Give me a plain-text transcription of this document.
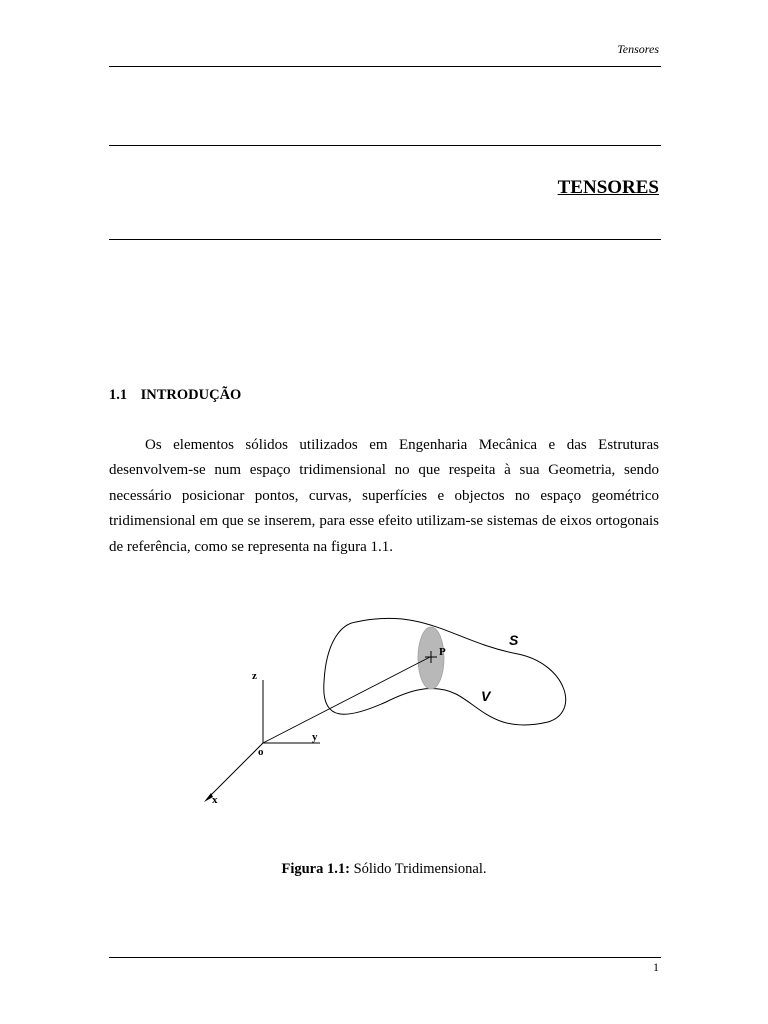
Tensores
TENSORES
1.1 INTRODUÇÃO

Os elementos sólidos utilizados em Engenharia Mecânica e das Estruturas desenvolvem-se num espaço tridimensional no que respeita à sua Geometria, sendo necessário posicionar pontos, curvas, superfícies e objectos no espaço geométrico tridimensional em que se inserem, para esse efeito utilizam-se sistemas de eixos ortogonais de referência, como se representa na figura 1.1.

S
V
P
o
x
y
z
Figura 1.1: Sólido Tridimensional.
1
